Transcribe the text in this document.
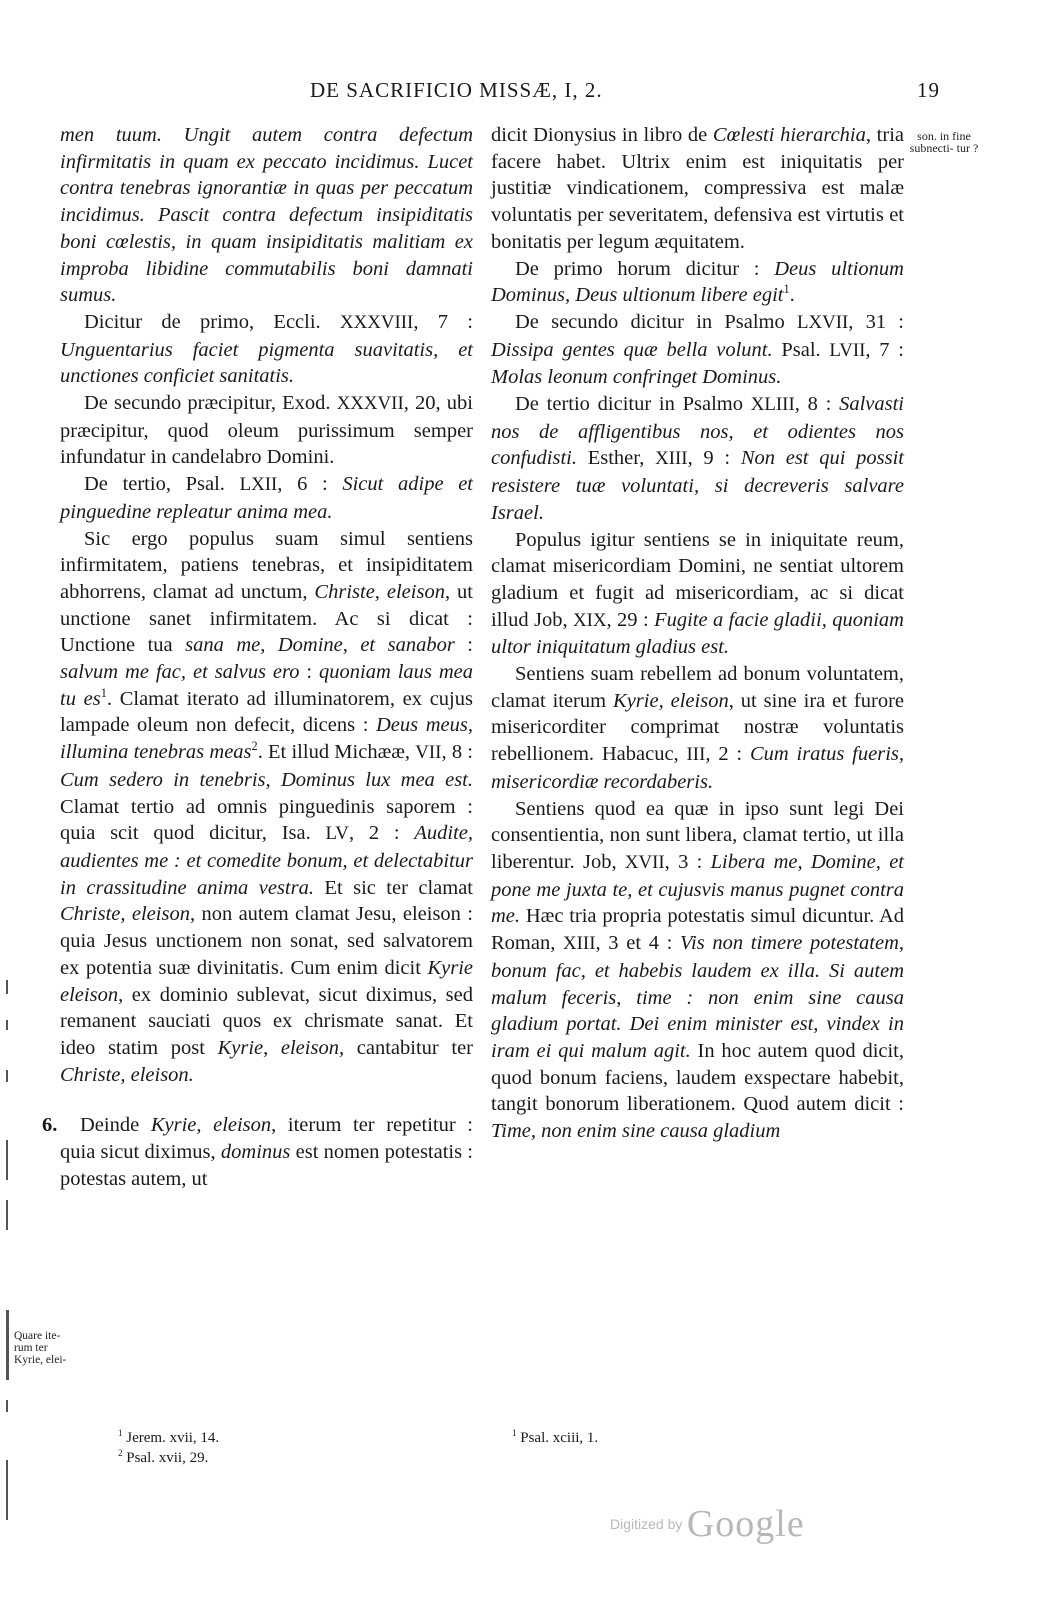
DE SACRIFICIO MISSÆ, I, 2.	19
son. in fine subnecti- tur ?
Quare ite- rum ter Kyrie, elei-

men tuum. Ungit autem contra defectum infirmitatis in quam ex peccato incidimus. Lucet contra tenebras ignorantiæ in quas per peccatum incidimus. Pascit contra defectum insipiditatis boni cœlestis, in quam insipiditatis malitiam ex improba libidine commutabilis boni damnati sumus.

Dicitur de primo, Eccli. XXXVIII, 7 : Unguentarius faciet pigmenta suavitatis, et unctiones conficiet sanitatis.

De secundo præcipitur, Exod. XXXVII, 20, ubi præcipitur, quod oleum purissimum semper infundatur in candelabro Domini.

De tertio, Psal. LXII, 6 : Sicut adipe et pinguedine repleatur anima mea.

Sic ergo populus suam simul sentiens infirmitatem, patiens tenebras, et insipiditatem abhorrens, clamat ad unctum, Christe, eleison, ut unctione sanet infirmitatem. Ac si dicat : Unctione tua sana me, Domine, et sanabor : salvum me fac, et salvus ero : quoniam laus mea tu $es^1$. Clamat iterato ad illuminatorem, ex cujus lampade oleum non defecit, dicens : Deus meus, illumina tenebras meas$^2$. Et illud Michææ, VII, 8 : Cum sedero in tenebris, Dominus lux mea est. Clamat tertio ad omnis pinguedinis saporem : quia scit quod dicitur, Isa. LV, 2 : Audite, audientes me : et comedite bonum, et delectabitur in crassitudine anima vestra. Et sic ter clamat Christe, eleison, non autem clamat Jesu, eleison : quia Jesus unctionem non sonat, sed salvatorem ex potentia suæ divinitatis. Cum enim dicit Kyrie eleison, ex dominio sublevat, sicut diximus, sed remanent sauciati quos ex chrismate sanat. Et ideo statim post Kyrie, eleison, cantabitur ter Christe, eleison.

6. Deinde Kyrie, eleison, iterum ter repetitur : quia sicut diximus, dominus est nomen potestatis : potestas autem, ut

dicit Dionysius in libro de Cœlesti hierarchia, tria facere habet. Ultrix enim est iniquitatis per justitiæ vindicationem, compressiva est malæ voluntatis per severitatem, defensiva est virtutis et bonitatis per legum æquitatem.

De primo horum dicitur : Deus ultionum Dominus, Deus ultionum libere egit$^1$.

De secundo dicitur in Psalmo LXVII, 31 : Dissipa gentes quæ bella volunt. Psal. LVII, 7 : Molas leonum confringet Dominus.

De tertio dicitur in Psalmo XLIII, 8 : Salvasti nos de affligentibus nos, et odientes nos confudisti. Esther, XIII, 9 : Non est qui possit resistere tuæ voluntati, si decreveris salvare Israel.

Populus igitur sentiens se in iniquitate reum, clamat misericordiam Domini, ne sentiat ultorem gladium et fugit ad misericordiam, ac si dicat illud Job, XIX, 29 : Fugite a facie gladii, quoniam ultor iniquitatum gladius est.

Sentiens suam rebellem ad bonum voluntatem, clamat iterum Kyrie, eleison, ut sine ira et furore misericorditer comprimat nostræ voluntatis rebellionem. Habacuc, III, 2 : Cum iratus fueris, misericordiæ recordaberis.

Sentiens quod ea quæ in ipso sunt legi Dei consentientia, non sunt libera, clamat tertio, ut illa liberentur. Job, XVII, 3 : Libera me, Domine, et pone me juxta te, et cujusvis manus pugnet contra me. Hæc tria propria potestatis simul dicuntur. Ad Roman, XIII, 3 et 4 : Vis non timere potestatem, bonum fac, et habebis laudem ex illa. Si autem malum feceris, time : non enim sine causa gladium portat. Dei enim minister est, vindex in iram ei qui malum agit. In hoc autem quod dicit, quod bonum faciens, laudem exspectare habebit, tangit bonorum liberationem. Quod autem dicit : Time, non enim sine causa gladium

$^1$ Jerem. xvii, 14.
$^2$ Psal. xvii, 29.
$^1$ Psal. xciii, 1.
Digitized by Google
